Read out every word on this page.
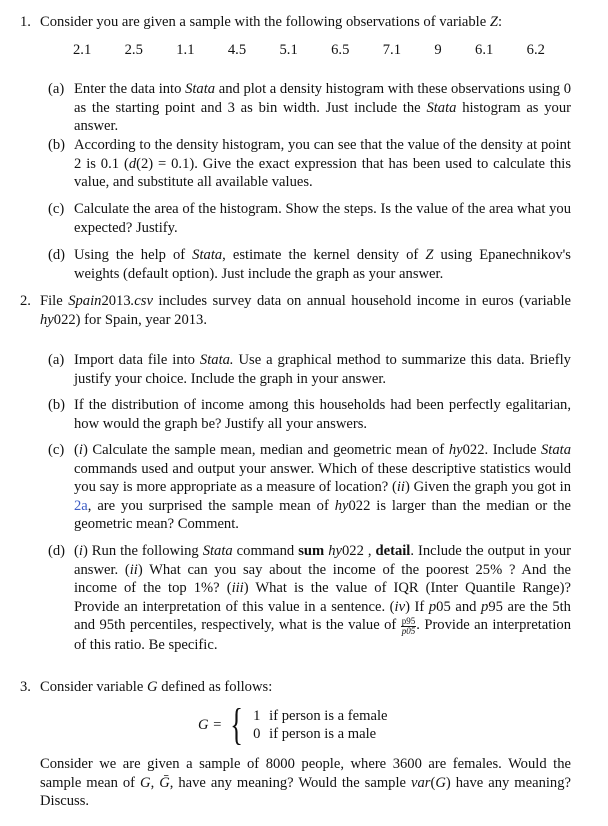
1. Consider you are given a sample with the following observations of variable Z:
2.1 2.5 1.1 4.5 5.1 6.5 7.1 9 6.1 6.2
(a) Enter the data into Stata and plot a density histogram with these observations using 0 as the starting point and 3 as bin width. Just include the Stata histogram as your answer.
(b) According to the density histogram, you can see that the value of the density at point 2 is 0.1 (d(2) = 0.1). Give the exact expression that has been used to calculate this value, and substitute all available values.
(c) Calculate the area of the histogram. Show the steps. Is the value of the area what you expected? Justify.
(d) Using the help of Stata, estimate the kernel density of Z using Epanechnikov's weights (default option). Just include the graph as your answer.
2. File Spain2013.csv includes survey data on annual household income in euros (variable hy022) for Spain, year 2013.
(a) Import data file into Stata. Use a graphical method to summarize this data. Briefly justify your choice. Include the graph in your answer.
(b) If the distribution of income among this households had been perfectly egalitarian, how would the graph be? Justify all your answers.
(c) (i) Calculate the sample mean, median and geometric mean of hy022. Include Stata commands used and output your answer. Which of these descriptive statistics would you say is more appropriate as a measure of location? (ii) Given the graph you got in 2a, are you surprised the sample mean of hy022 is larger than the median or the geometric mean? Comment.
(d) (i) Run the following Stata command sum hy022 , detail. Include the output in your answer. (ii) What can you say about the income of the poorest 25% ? And the income of the top 1%? (iii) What is the value of IQR (Inter Quantile Range)? Provide an interpretation of this value in a sentence. (iv) If p05 and p95 are the 5th and 95th percentiles, respectively, what is the value of $\frac{p95}{p05}$ . Provide an interpretation of this ratio. Be specific.
3. Consider variable G defined as follows:
G = { 1 if person is a female
0 if person is a male
Consider we are given a sample of 8000 people, where 3600 are females. Would the sample mean of G, Ḡ, have any meaning? Would the sample var(G) have any meaning? Discuss.
